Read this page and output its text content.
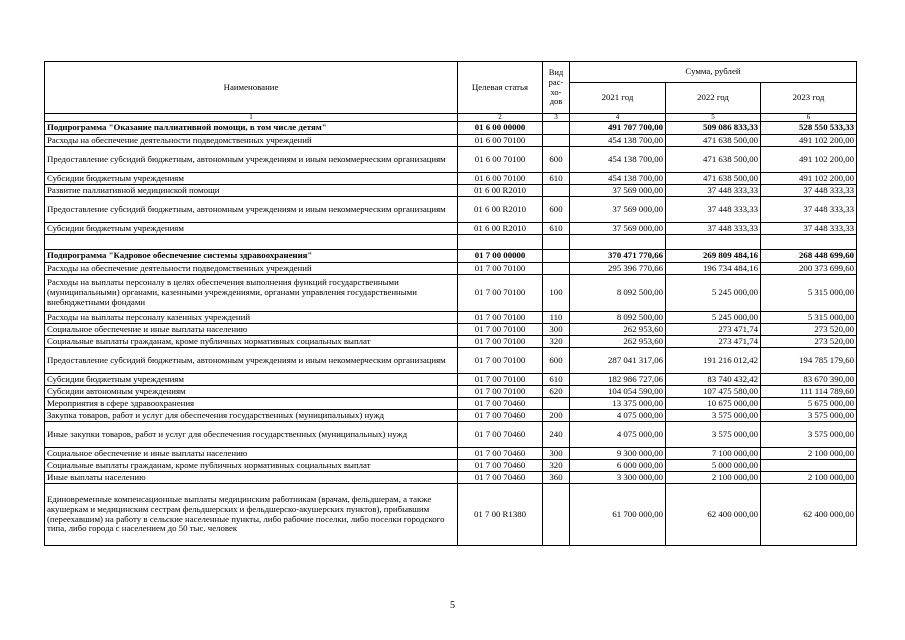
Наименование	Целевая статья	Вид рас-хо-дов	Сумма, рублей		
			2021 год	2022 год	2023 год
1	2	3	4	5	6
Подпрограмма "Оказание паллиативной помощи, в том числе детям"	01 6 00 00000		491 707 700,00	509 086 833,33	528 550 533,33
Расходы на обеспечение деятельности подведомственных учреждений	01 6 00 70100		454 138 700,00	471 638 500,00	491 102 200,00
Предоставление субсидий бюджетным, автономным учреждениям и иным некоммерческим организациям	01 6 00 70100	600	454 138 700,00	471 638 500,00	491 102 200,00
Субсидии бюджетным учреждениям	01 6 00 70100	610	454 138 700,00	471 638 500,00	491 102 200,00
Развитие паллиативной медицинской помощи	01 6 00 R2010		37 569 000,00	37 448 333,33	37 448 333,33
Предоставление субсидий бюджетным, автономным учреждениям и иным некоммерческим организациям	01 6 00 R2010	600	37 569 000,00	37 448 333,33	37 448 333,33
Субсидии бюджетным учреждениям	01 6 00 R2010	610	37 569 000,00	37 448 333,33	37 448 333,33

Подпрограмма "Кадровое обеспечение системы здравоохранения"	01 7 00 00000		370 471 770,66	269 809 484,16	268 448 699,60
Расходы на обеспечение деятельности подведомственных учреждений	01 7 00 70100		295 396 770,66	196 734 484,16	200 373 699,60
Расходы на выплаты персоналу в целях обеспечения выполнения функций государственными (муниципальными) органами, казенными учреждениями, органами управления государственными внебюджетными фондами	01 7 00 70100	100	8 092 500,00	5 245 000,00	5 315 000,00
Расходы на выплаты персоналу казенных учреждений	01 7 00 70100	110	8 092 500,00	5 245 000,00	5 315 000,00
Социальное обеспечение и иные выплаты населению	01 7 00 70100	300	262 953,60	273 471,74	273 520,00
Социальные выплаты гражданам, кроме публичных нормативных социальных выплат	01 7 00 70100	320	262 953,60	273 471,74	273 520,00
Предоставление субсидий бюджетным, автономным учреждениям и иным некоммерческим организациям	01 7 00 70100	600	287 041 317,06	191 216 012,42	194 785 179,60
Субсидии бюджетным учреждениям	01 7 00 70100	610	182 986 727,06	83 740 432,42	83 670 390,00
Субсидии автономным учреждениям	01 7 00 70100	620	104 054 590,00	107 475 580,00	111 114 789,60
Мероприятия в сфере здравоохранения	01 7 00 70460		13 375 000,00	10 675 000,00	5 675 000,00
Закупка товаров, работ и услуг для обеспечения государственных (муниципальных) нужд	01 7 00 70460	200	4 075 000,00	3 575 000,00	3 575 000,00
Иные закупки товаров, работ и услуг для обеспечения государственных (муниципальных) нужд	01 7 00 70460	240	4 075 000,00	3 575 000,00	3 575 000,00
Социальное обеспечение и иные выплаты населению	01 7 00 70460	300	9 300 000,00	7 100 000,00	2 100 000,00
Социальные выплаты гражданам, кроме публичных нормативных социальных выплат	01 7 00 70460	320	6 000 000,00	5 000 000,00	
Иные выплаты населению	01 7 00 70460	360	3 300 000,00	2 100 000,00	2 100 000,00
Единовременные компенсационные выплаты медицинским работникам (врачам, фельдшерам, а также акушеркам и медицинским сестрам фельдшерских и фельдшерско-акушерских пунктов), прибывшим (переехавшим) на работу в сельские населенные пункты, либо рабочие поселки, либо поселки городского типа, либо города с населением до 50 тыс. человек	01 7 00 R1380		61 700 000,00	62 400 000,00	62 400 000,00
5
